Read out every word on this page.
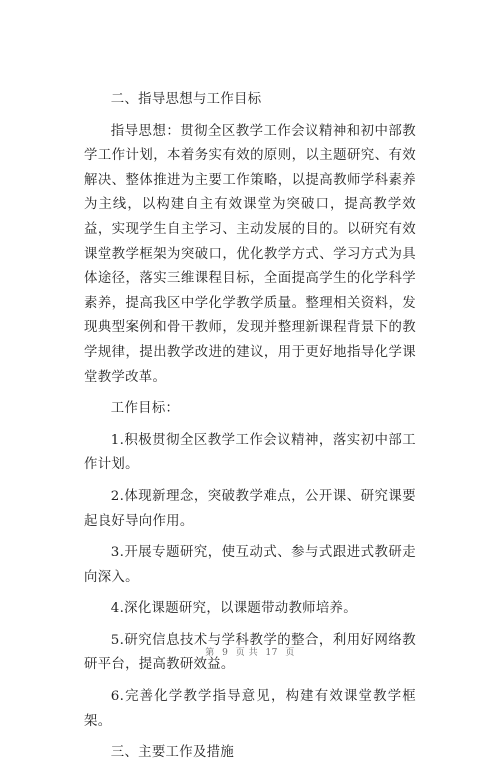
二、指导思想与工作目标

指导思想：贯彻全区教学工作会议精神和初中部教学工作计划，本着务实有效的原则，以主题研究、有效解决、整体推进为主要工作策略，以提高教师学科素养为主线，以构建自主有效课堂为突破口，提高教学效益，实现学生自主学习、主动发展的目的。以研究有效课堂教学框架为突破口，优化教学方式、学习方式为具体途径，落实三维课程目标，全面提高学生的化学科学素养，提高我区中学化学教学质量。整理相关资料，发现典型案例和骨干教师，发现并整理新课程背景下的教学规律，提出教学改进的建议，用于更好地指导化学课堂教学改革。

工作目标：

1.积极贯彻全区教学工作会议精神，落实初中部工作计划。

2.体现新理念，突破教学难点，公开课、研究课要起良好导向作用。

3.开展专题研究，使互动式、参与式跟进式教研走向深入。

4.深化课题研究，以课题带动教师培养。

5.研究信息技术与学科教学的整合，利用好网络教研平台，提高教研效益。

6.完善化学教学指导意见，构建有效课堂教学框架。

三、主要工作及措施

第 9 页 共 17 页
